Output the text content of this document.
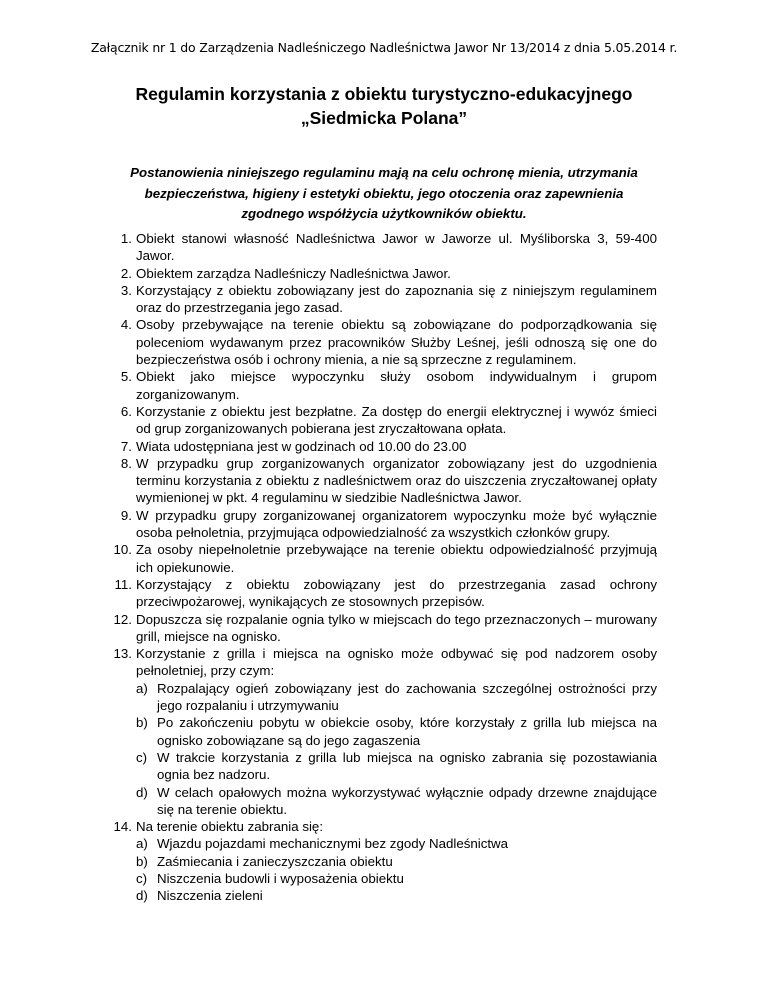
Załącznik nr 1 do Zarządzenia Nadleśniczego Nadleśnictwa Jawor Nr 13/2014 z dnia 5.05.2014 r.
Regulamin korzystania z obiektu turystyczno-edukacyjnego
„Siedmicka Polana”
Postanowienia niniejszego regulaminu mają na celu ochronę mienia, utrzymania bezpieczeństwa, higieny i estetyki obiektu, jego otoczenia oraz zapewnienia zgodnego współżycia użytkowników obiektu.
1. Obiekt stanowi własność Nadleśnictwa Jawor w Jaworze ul. Myśliborska 3, 59-400 Jawor.
2. Obiektem zarządza Nadleśniczy Nadleśnictwa Jawor.
3. Korzystający z obiektu zobowiązany jest do zapoznania się z niniejszym regulaminem oraz do przestrzegania jego zasad.
4. Osoby przebywające na terenie obiektu są zobowiązane do podporządkowania się poleceniom wydawanym przez pracowników Służby Leśnej, jeśli odnoszą się one do bezpieczeństwa osób i ochrony mienia, a nie są sprzeczne z regulaminem.
5. Obiekt jako miejsce wypoczynku służy osobom indywidualnym i grupom zorganizowanym.
6. Korzystanie z obiektu jest bezpłatne. Za dostęp do energii elektrycznej i wywóz śmieci od grup zorganizowanych pobierana jest zryczałtowana opłata.
7. Wiata udostępniana jest w godzinach od 10.00 do 23.00
8. W przypadku grup zorganizowanych organizator zobowiązany jest do uzgodnienia terminu korzystania z obiektu z nadleśnictwem oraz do uiszczenia zryczałtowanej opłaty wymienionej w pkt. 4 regulaminu w siedzibie Nadleśnictwa Jawor.
9. W przypadku grupy zorganizowanej organizatorem wypoczynku może być wyłącznie osoba pełnoletnia, przyjmująca odpowiedzialność za wszystkich członków grupy.
10. Za osoby niepełnoletnie przebywające na terenie obiektu odpowiedzialność przyjmują ich opiekunowie.
11. Korzystający z obiektu zobowiązany jest do przestrzegania zasad ochrony przeciwpożarowej, wynikających ze stosownych przepisów.
12. Dopuszcza się rozpalanie ognia tylko w miejscach do tego przeznaczonych – murowany grill, miejsce na ognisko.
13. Korzystanie z grilla i miejsca na ognisko może odbywać się pod nadzorem osoby pełnoletniej, przy czym:
a) Rozpalający ogień zobowiązany jest do zachowania szczególnej ostrożności przy jego rozpalaniu i utrzymywaniu
b) Po zakończeniu pobytu w obiekcie osoby, które korzystały z grilla lub miejsca na ognisko zobowiązane są do jego zagaszenia
c) W trakcie korzystania z grilla lub miejsca na ognisko zabrania się pozostawiania ognia bez nadzoru.
d) W celach opałowych można wykorzystywać wyłącznie odpady drzewne znajdujące się na terenie obiektu.
14. Na terenie obiektu zabrania się:
a) Wjazdu pojazdami mechanicznymi bez zgody Nadleśnictwa
b) Zaśmiecania i zanieczyszczania obiektu
c) Niszczenia budowli i wyposażenia obiektu
d) Niszczenia zieleni
